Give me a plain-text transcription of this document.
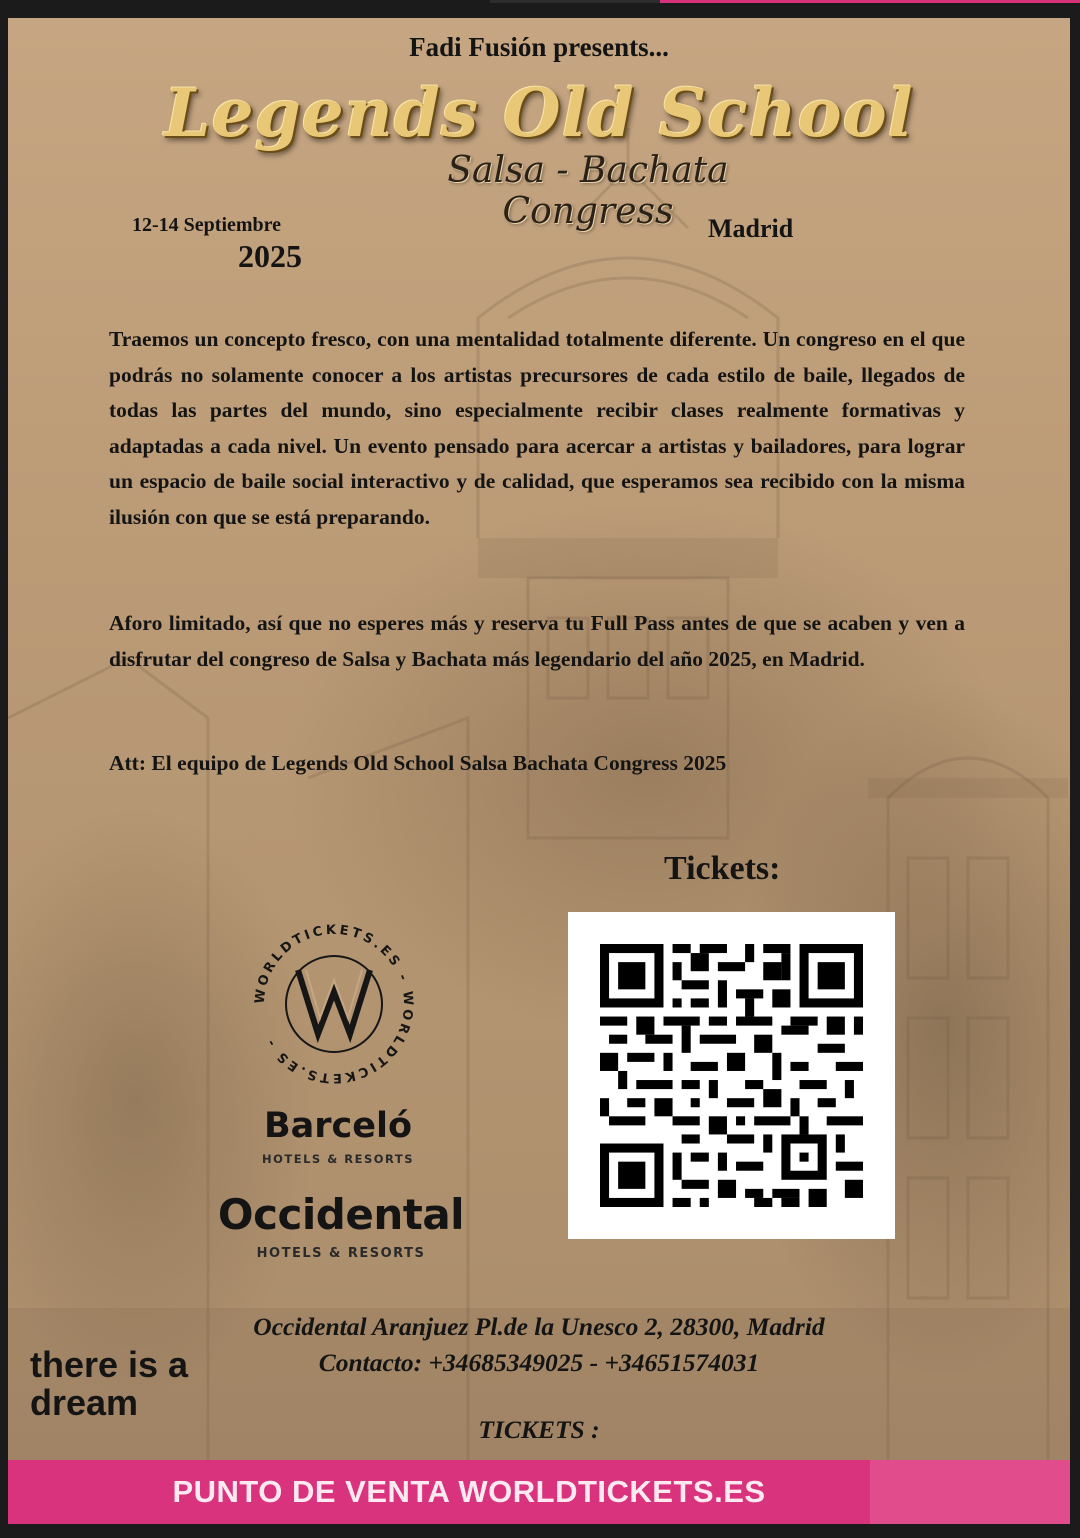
Fadi Fusión presents...
Legends Old School
Salsa - Bachata Congress
12-14 Septiembre
2025
Madrid

Traemos un concepto fresco, con una mentalidad totalmente diferente. Un congreso en el que podrás no solamente conocer a los artistas precursores de cada estilo de baile, llegados de todas las partes del mundo, sino especialmente recibir clases realmente formativas y adaptadas a cada nivel. Un evento pensado para acercar a artistas y bailadores, para lograr un espacio de baile social interactivo y de calidad, que esperamos sea recibido con la misma ilusión con que se está preparando.

Aforo limitado, así que no esperes más y reserva tu Full Pass antes de que se acaben y ven a disfrutar del congreso de Salsa y Bachata más legendario del año 2025, en Madrid.

Att: El equipo de Legends Old School Salsa Bachata Congress 2025

Tickets:
WORLDTICKETS.ES - WORLDTICKETS.ES -
Barceló
HOTELS & RESORTS
Occidental
HOTELS & RESORTS
there is a dream
Occidental Aranjuez Pl.de la Unesco 2, 28300, Madrid
Contacto: +34685349025 - +34651574031
TICKETS :
PUNTO DE VENTA WORLDTICKETS.ES
